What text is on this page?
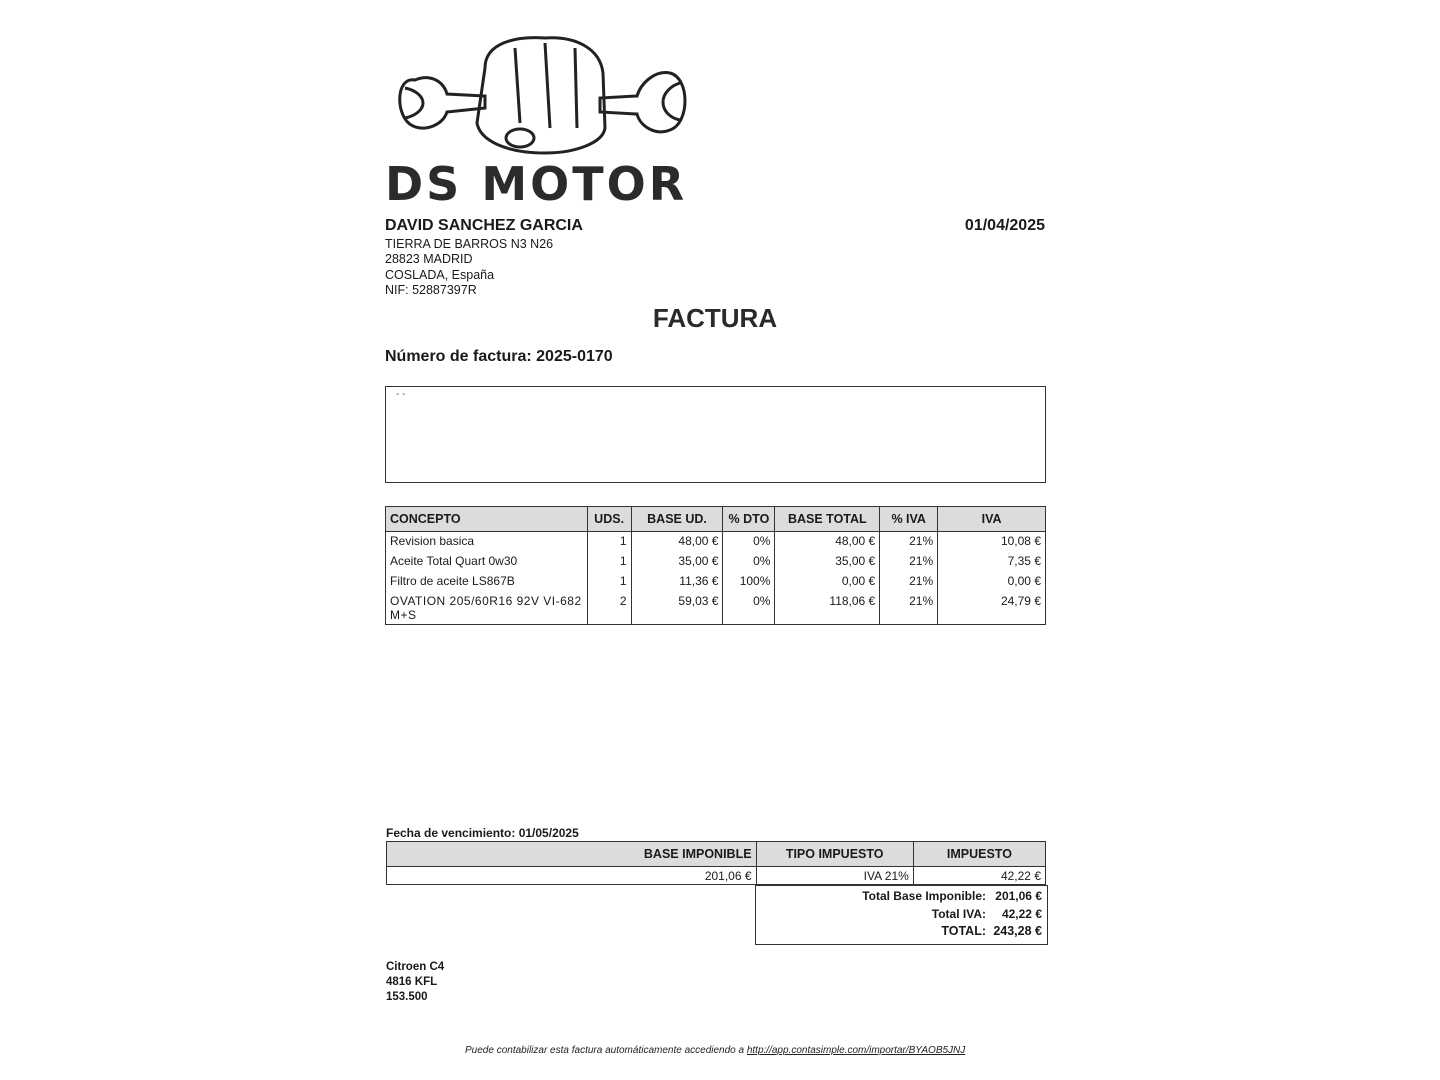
DS MOTOR
DAVID SANCHEZ GARCIA
TIERRA DE BARROS N3 N26
28823 MADRID
COSLADA, España
NIF: 52887397R
01/04/2025
FACTURA
Número de factura: 2025-0170
- -
CONCEPTO	UDS.	BASE UD.	% DTO	BASE TOTAL	% IVA	IVA
Revision basica	1	48,00 €	0%	48,00 €	21%	10,08 €
Aceite Total Quart 0w30	1	35,00 €	0%	35,00 €	21%	7,35 €
Filtro de aceite LS867B	1	11,36 €	100%	0,00 €	21%	0,00 €
OVATION 205/60R16 92V VI-682 M+S	2	59,03 €	0%	118,06 €	21%	24,79 €
Fecha de vencimiento: 01/05/2025
BASE IMPONIBLE	TIPO IMPUESTO	IMPUESTO
201,06 €	IVA 21%	42,22 €
Total Base Imponible: 201,06 €
Total IVA: 42,22 €
TOTAL: 243,28 €
Citroen C4
4816 KFL
153.500
Puede contabilizar esta factura automáticamente accediendo a http://app.contasimple.com/importar/BYAOB5JNJ
